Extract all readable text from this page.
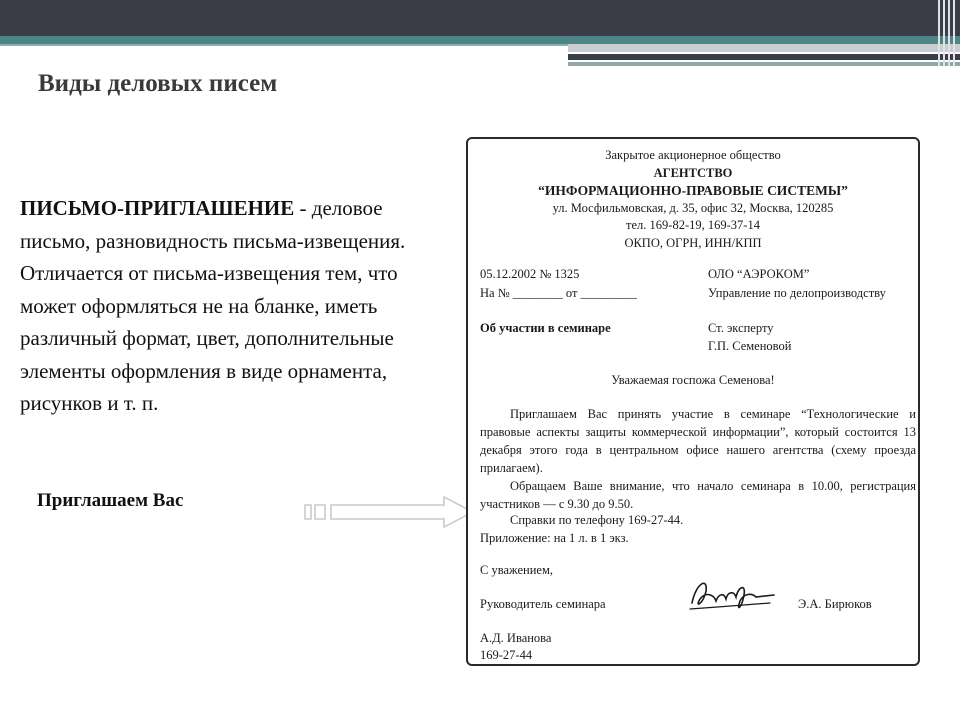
Виды деловых писем
ПИСЬМО-ПРИГЛАШЕНИЕ - деловое письмо, разновидность письма-извещения. Отличается от письма-извещения тем, что может оформляться не на бланке, иметь различный формат, цвет, дополнительные элементы оформления в виде орнамента, рисунков и т. п.
Приглашаем Вас
Закрытое акционерное общество
АГЕНТСТВО
“ИНФОРМАЦИОННО-ПРАВОВЫЕ СИСТЕМЫ”
ул. Мосфильмовская, д. 35, офис 32, Москва, 120285
тел. 169-82-19, 169-37-14
ОКПО, ОГРН, ИНН/КПП
05.12.2002 № 1325
На № ________ от _________
ОЛО “АЭРОКОМ”
Управление по делопроизводству
Об участии в семинаре	Ст. эксперту
Г.П. Семеновой
Уважаемая госпожа Семенова!
Приглашаем Вас принять участие в семинаре “Технологические и правовые аспекты защиты коммерческой информации”, который состоится 13 декабря этого года в центральном офисе нашего агентства (схему проезда прилагаем).
Обращаем Ваше внимание, что начало семинара в 10.00, регистрация участников — с 9.30 до 9.50.
Справки по телефону 169-27-44.
Приложение: на 1 л. в 1 экз.
С уважением,
Руководитель семинара	Э.А. Бирюков
А.Д. Иванова
169-27-44
